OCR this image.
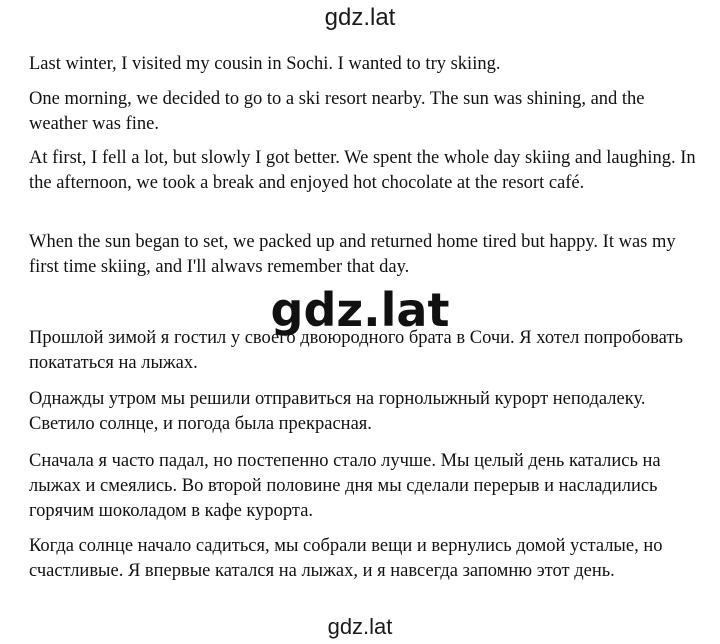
gdz.lat

Last winter, I visited my cousin in Sochi. I wanted to try skiing.

One morning, we decided to go to a ski resort nearby. The sun was shining, and the weather was fine.

At first, I fell a lot, but slowly I got better. We spent the whole day skiing and laughing. In the afternoon, we took a break and enjoyed hot chocolate at the resort café.

When the sun began to set, we packed up and returned home tired but happy. It was my first time skiing, and I'll alwavs remember that day.

gdz.lat

Прошлой зимой я гостил у своего двоюродного брата в Сочи. Я хотел попробовать покататься на лыжах.

Однажды утром мы решили отправиться на горнолыжный курорт неподалеку. Светило солнце, и погода была прекрасная.

Сначала я часто падал, но постепенно стало лучше. Мы целый день катались на лыжах и смеялись. Во второй половине дня мы сделали перерыв и насладились горячим шоколадом в кафе курорта.

Когда солнце начало садиться, мы собрали вещи и вернулись домой усталые, но счастливые. Я впервые катался на лыжах, и я навсегда запомню этот день.

gdz.lat
